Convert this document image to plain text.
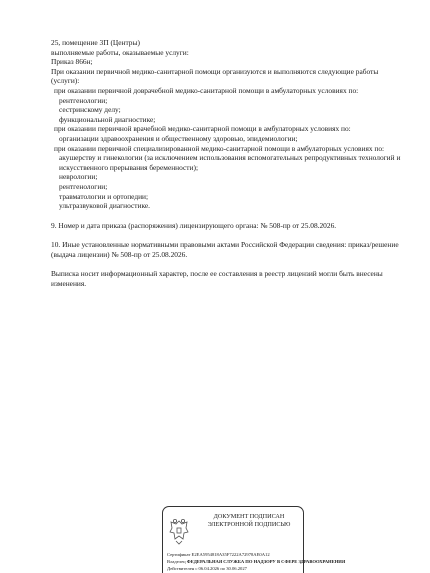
25, помещение 3П (Центры)
выполняемые работы, оказываемые услуги:
Приказ 866н;
При оказании первичной медико-санитарной помощи организуются и выполняются следующие работы (услуги):
при оказании первичной доврачебной медико-санитарной помощи в амбулаторных условиях по:
рентгенологии;
сестринскому делу;
функциональной диагностике;
при оказании первичной врачебной медико-санитарной помощи в амбулаторных условиях по:
организации здравоохранения и общественному здоровью, эпидемиологии;
при оказании первичной специализированной медико-санитарной помощи в амбулаторных условиях по:
акушерству и гинекологии (за исключением использования вспомогательных репродуктивных технологий и искусственного прерывания беременности);
неврологии;
рентгенологии;
травматологии и ортопедии;
ультразвуковой диагностике.
9. Номер и дата приказа (распоряжения) лицензирующего органа: № 508-пр от 25.08.2026.
10. Иные установленные нормативными правовыми актами Российской Федерации сведения: приказ/решение (выдача лицензии) № 508-пр от 25.08.2026.
Выписка носит информационный характер, после ее составления в реестр лицензий могли быть внесены изменения.
ДОКУМЕНТ ПОДПИСАН ЭЛЕКТРОННОЙ ПОДПИСЬЮ
Сертификат E2EA5954818A35F7222A72978AE0A12
Владелец ФЕДЕРАЛЬНАЯ СЛУЖБА ПО НАДЗОРУ В СФЕРЕ ЗДРАВООХРАНЕНИЯ
Действителен с 06.04.2026 по 30.06.2027
